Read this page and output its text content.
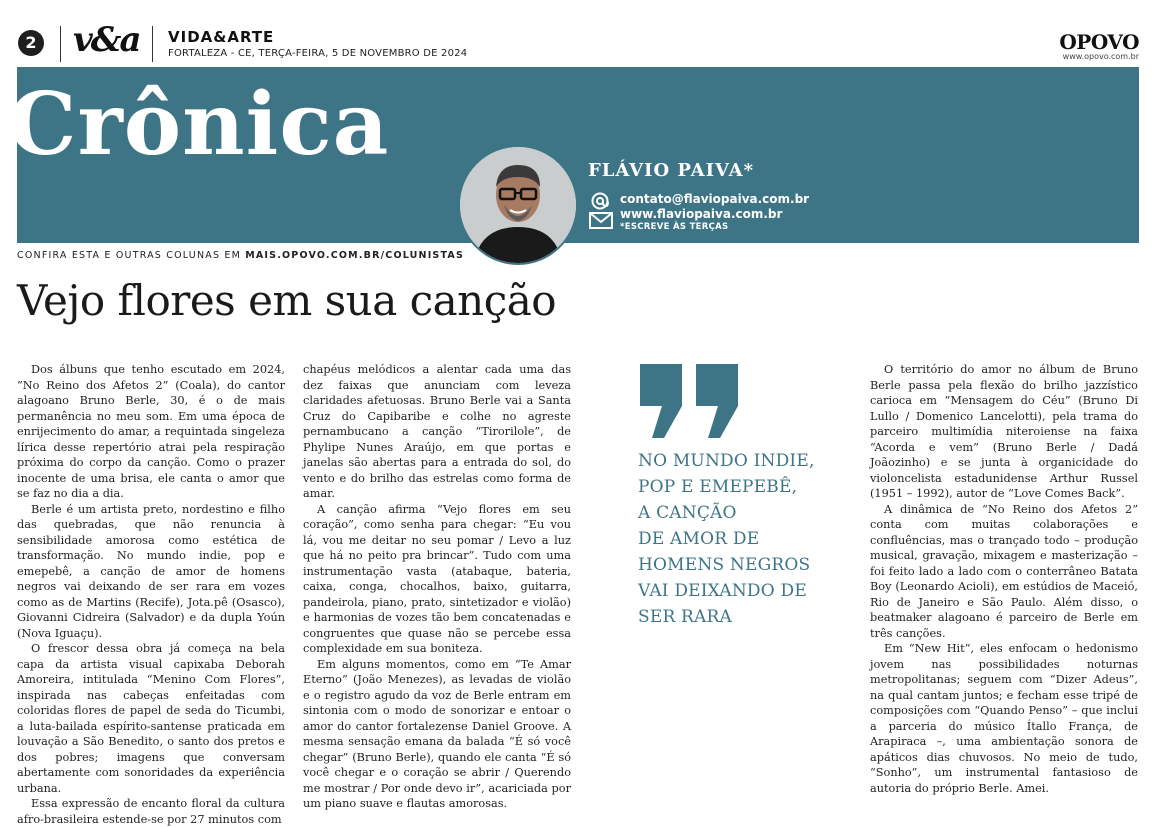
2 v&a VIDA&ARTE
FORTALEZA - CE, TERÇA-FEIRA, 5 DE NOVEMBRO DE 2024	OPOVO
www.opovo.com.br
Crônica	FLÁVIO PAIVA*
contato@flaviopaiva.com.br
www.flaviopaiva.com.br
*ESCREVE ÀS TERÇAS
CONFIRA ESTA E OUTRAS COLUNAS EM MAIS.OPOVO.COM.BR/COLUNISTAS
Vejo flores em sua canção

Dos álbuns que tenho escutado em 2024, “No Reino dos Afetos 2” (Coala), do cantor alagoano Bruno Berle, 30, é o de mais permanência no meu som. Em uma época de enrijecimento do amar, a requintada singeleza lírica desse repertório atrai pela respiração próxima do corpo da canção. Como o prazer inocente de uma brisa, ele canta o amor que se faz no dia a dia.

Berle é um artista preto, nordestino e filho das quebradas, que não renuncia à sensibilidade amorosa como estética de transformação. No mundo indie, pop e emepebê, a canção de amor de homens negros vai deixando de ser rara em vozes como as de Martins (Recife), Jota.pê (Osasco), Giovanni Cidreira (Salvador) e da dupla Yoún (Nova Iguaçu).

O frescor dessa obra já começa na bela capa da artista visual capixaba Deborah Amoreira, intitulada “Menino Com Flores”, inspirada nas cabeças enfeitadas com coloridas flores de papel de seda do Ticumbi, a luta-bailada espírito-santense praticada em louvação a São Benedito, o santo dos pretos e dos pobres; imagens que conversam abertamente com sonoridades da experiência urbana.

Essa expressão de encanto floral da cultura afro-brasileira estende-se por 27 minutos com

chapéus melódicos a alentar cada uma das dez faixas que anunciam com leveza claridades afetuosas. Bruno Berle vai a Santa Cruz do Capibaribe e colhe no agreste pernambucano a canção “Tirorilole”, de Phylipe Nunes Araújo, em que portas e janelas são abertas para a entrada do sol, do vento e do brilho das estrelas como forma de amar.

A canção afirma “Vejo flores em seu coração”, como senha para chegar: “Eu vou lá, vou me deitar no seu pomar / Levo a luz que há no peito pra brincar”. Tudo com uma instrumentação vasta (atabaque, bateria, caixa, conga, chocalhos, baixo, guitarra, pandeirola, piano, prato, sintetizador e violão) e harmonias de vozes tão bem concatenadas e congruentes que quase não se percebe essa complexidade em sua boniteza.

Em alguns momentos, como em “Te Amar Eterno” (João Menezes), as levadas de violão e o registro agudo da voz de Berle entram em sintonia com o modo de sonorizar e entoar o amor do cantor fortalezense Daniel Groove. A mesma sensação emana da balada “É só você chegar” (Bruno Berle), quando ele canta “É só você chegar e o coração se abrir / Querendo me mostrar / Por onde devo ir”, acariciada por um piano suave e flautas amorosas.

NO MUNDO INDIE,
POP E EMEPEBÊ,
A CANÇÃO
DE AMOR DE
HOMENS NEGROS
VAI DEIXANDO DE
SER RARA

O território do amor no álbum de Bruno Berle passa pela flexão do brilho jazzístico carioca em “Mensagem do Céu” (Bruno Di Lullo / Domenico Lancelotti), pela trama do parceiro multimídia niteroiense na faixa “Acorda e vem” (Bruno Berle / Dadá Joãozinho) e se junta à organicidade do violoncelista estadunidense Arthur Russel (1951 – 1992), autor de “Love Comes Back”.

A dinâmica de “No Reino dos Afetos 2” conta com muitas colaborações e confluências, mas o trançado todo – produção musical, gravação, mixagem e masterização – foi feito lado a lado com o conterrâneo Batata Boy (Leonardo Acioli), em estúdios de Maceió, Rio de Janeiro e São Paulo. Além disso, o beatmaker alagoano é parceiro de Berle em três canções.

Em “New Hit”, eles enfocam o hedonismo jovem nas possibilidades noturnas metropolitanas; seguem com “Dizer Adeus”, na qual cantam juntos; e fecham esse tripé de composições com “Quando Penso” – que inclui a parceria do músico Ítallo França, de Arapiraca –, uma ambientação sonora de apáticos dias chuvosos. No meio de tudo, “Sonho”, um instrumental fantasioso de autoria do próprio Berle. Amei.
